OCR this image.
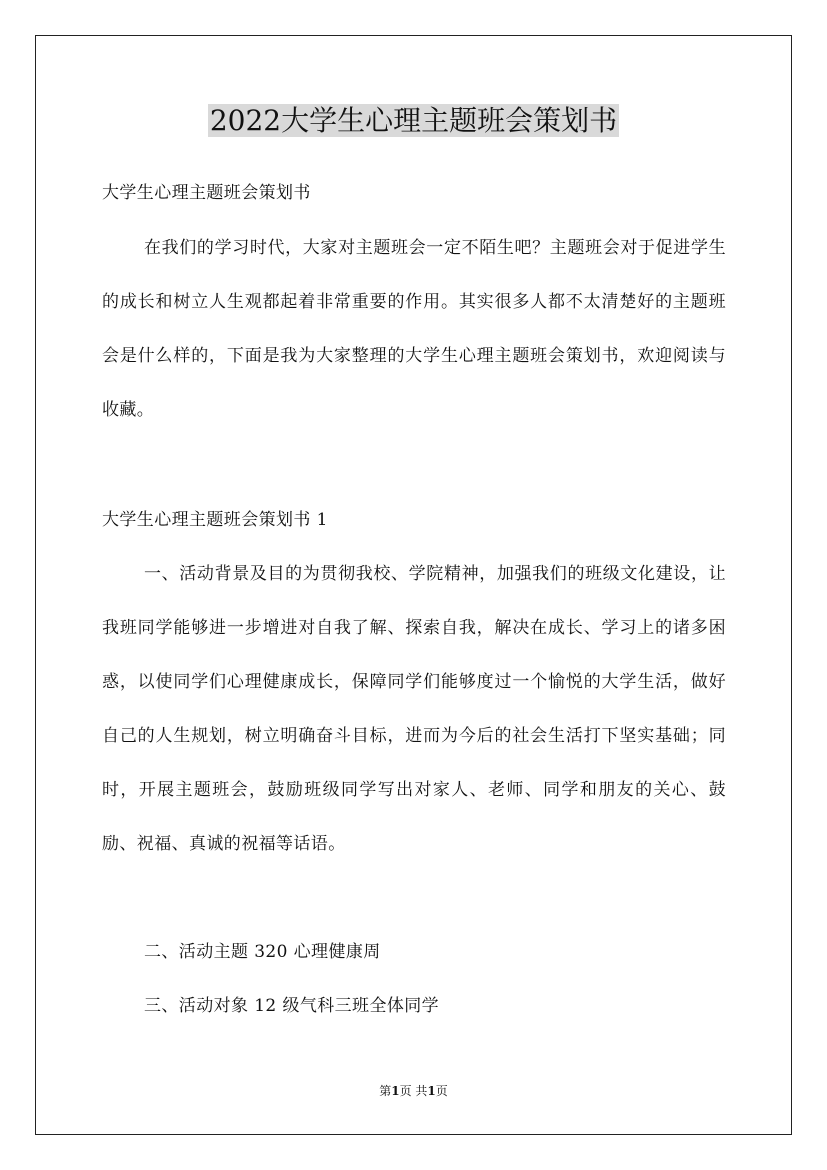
2022大学生心理主题班会策划书

大学生心理主题班会策划书

在我们的学习时代，大家对主题班会一定不陌生吧？主题班会对于促进学生的成长和树立人生观都起着非常重要的作用。其实很多人都不太清楚好的主题班会是什么样的，下面是我为大家整理的大学生心理主题班会策划书，欢迎阅读与收藏。

大学生心理主题班会策划书 1

一、活动背景及目的为贯彻我校、学院精神，加强我们的班级文化建设，让我班同学能够进一步增进对自我了解、探索自我，解决在成长、学习上的诸多困惑，以使同学们心理健康成长，保障同学们能够度过一个愉悦的大学生活，做好自己的人生规划，树立明确奋斗目标，进而为今后的社会生活打下坚实基础；同时，开展主题班会，鼓励班级同学写出对家人、老师、同学和朋友的关心、鼓励、祝福、真诚的祝福等话语。

二、活动主题 320 心理健康周

三、活动对象 12 级气科三班全体同学

第1页 共1页
